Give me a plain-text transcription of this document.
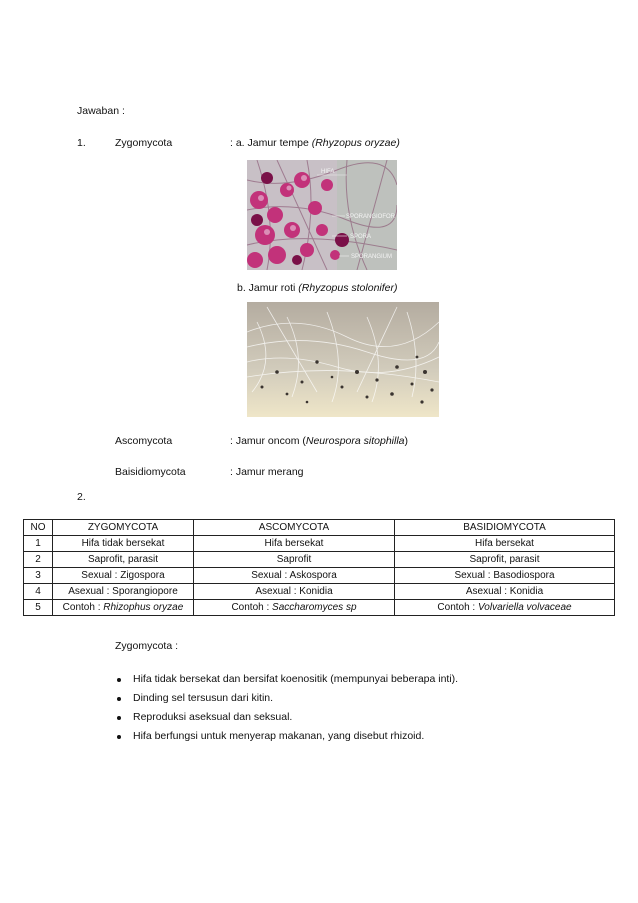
Jawaban :
1.	Zygomycota	: a. Jamur tempe (Rhyzopus oryzae)
HIFA
SPORANGIOFOR
SPORA
SPORANGIUM
b. Jamur roti (Rhyzopus stolonifer)
Ascomycota	: Jamur oncom (Neurospora sitophilla)
Baisidiomycota	: Jamur merang
2.
NO	ZYGOMYCOTA	ASCOMYCOTA	BASIDIOMYCOTA
1	Hifa tidak bersekat	Hifa bersekat	Hifa bersekat
2	Saprofit, parasit	Saprofit	Saprofit, parasit
3	Sexual : Zigospora	Sexual : Askospora	Sexual : Basodiospora
4	Asexual : Sporangiopore	Asexual : Konidia	Asexual : Konidia
5	Contoh : Rhizophus oryzae	Contoh : Saccharomyces sp	Contoh : Volvariella volvaceae
Zygomycota :
Hifa tidak bersekat dan bersifat koenositik (mempunyai beberapa inti).
Dinding sel tersusun dari kitin.
Reproduksi aseksual dan seksual.
Hifa berfungsi untuk menyerap makanan, yang disebut rhizoid.
